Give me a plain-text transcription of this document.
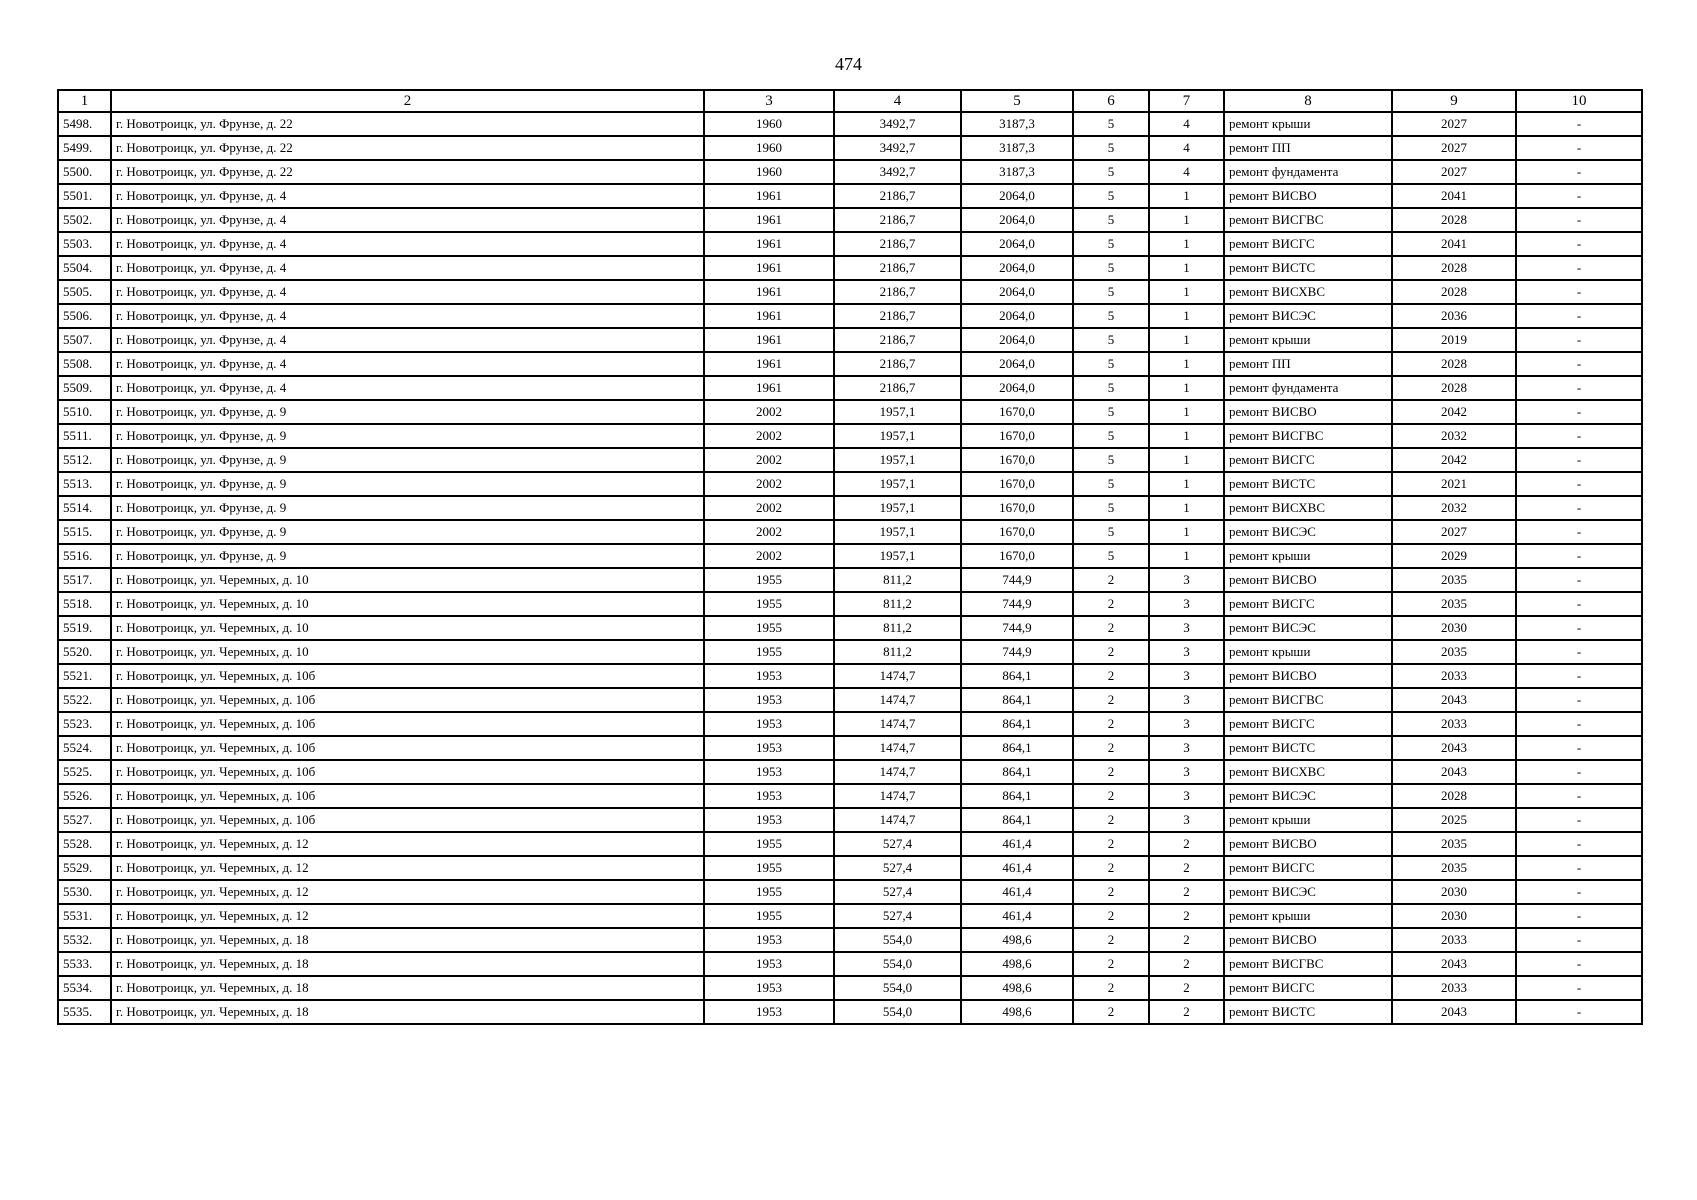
474
1	2	3	4	5	6	7	8	9	10
5498.	г. Новотроицк, ул. Фрунзе, д. 22	1960	3492,7	3187,3	5	4	ремонт крыши	2027	-
5499.	г. Новотроицк, ул. Фрунзе, д. 22	1960	3492,7	3187,3	5	4	ремонт ПП	2027	-
5500.	г. Новотроицк, ул. Фрунзе, д. 22	1960	3492,7	3187,3	5	4	ремонт фундамента	2027	-
5501.	г. Новотроицк, ул. Фрунзе, д. 4	1961	2186,7	2064,0	5	1	ремонт ВИСВО	2041	-
5502.	г. Новотроицк, ул. Фрунзе, д. 4	1961	2186,7	2064,0	5	1	ремонт ВИСГВС	2028	-
5503.	г. Новотроицк, ул. Фрунзе, д. 4	1961	2186,7	2064,0	5	1	ремонт ВИСГС	2041	-
5504.	г. Новотроицк, ул. Фрунзе, д. 4	1961	2186,7	2064,0	5	1	ремонт ВИСТС	2028	-
5505.	г. Новотроицк, ул. Фрунзе, д. 4	1961	2186,7	2064,0	5	1	ремонт ВИСХВС	2028	-
5506.	г. Новотроицк, ул. Фрунзе, д. 4	1961	2186,7	2064,0	5	1	ремонт ВИСЭС	2036	-
5507.	г. Новотроицк, ул. Фрунзе, д. 4	1961	2186,7	2064,0	5	1	ремонт крыши	2019	-
5508.	г. Новотроицк, ул. Фрунзе, д. 4	1961	2186,7	2064,0	5	1	ремонт ПП	2028	-
5509.	г. Новотроицк, ул. Фрунзе, д. 4	1961	2186,7	2064,0	5	1	ремонт фундамента	2028	-
5510.	г. Новотроицк, ул. Фрунзе, д. 9	2002	1957,1	1670,0	5	1	ремонт ВИСВО	2042	-
5511.	г. Новотроицк, ул. Фрунзе, д. 9	2002	1957,1	1670,0	5	1	ремонт ВИСГВС	2032	-
5512.	г. Новотроицк, ул. Фрунзе, д. 9	2002	1957,1	1670,0	5	1	ремонт ВИСГС	2042	-
5513.	г. Новотроицк, ул. Фрунзе, д. 9	2002	1957,1	1670,0	5	1	ремонт ВИСТС	2021	-
5514.	г. Новотроицк, ул. Фрунзе, д. 9	2002	1957,1	1670,0	5	1	ремонт ВИСХВС	2032	-
5515.	г. Новотроицк, ул. Фрунзе, д. 9	2002	1957,1	1670,0	5	1	ремонт ВИСЭС	2027	-
5516.	г. Новотроицк, ул. Фрунзе, д. 9	2002	1957,1	1670,0	5	1	ремонт крыши	2029	-
5517.	г. Новотроицк, ул. Черемных, д. 10	1955	811,2	744,9	2	3	ремонт ВИСВО	2035	-
5518.	г. Новотроицк, ул. Черемных, д. 10	1955	811,2	744,9	2	3	ремонт ВИСГС	2035	-
5519.	г. Новотроицк, ул. Черемных, д. 10	1955	811,2	744,9	2	3	ремонт ВИСЭС	2030	-
5520.	г. Новотроицк, ул. Черемных, д. 10	1955	811,2	744,9	2	3	ремонт крыши	2035	-
5521.	г. Новотроицк, ул. Черемных, д. 10б	1953	1474,7	864,1	2	3	ремонт ВИСВО	2033	-
5522.	г. Новотроицк, ул. Черемных, д. 10б	1953	1474,7	864,1	2	3	ремонт ВИСГВС	2043	-
5523.	г. Новотроицк, ул. Черемных, д. 10б	1953	1474,7	864,1	2	3	ремонт ВИСГС	2033	-
5524.	г. Новотроицк, ул. Черемных, д. 10б	1953	1474,7	864,1	2	3	ремонт ВИСТС	2043	-
5525.	г. Новотроицк, ул. Черемных, д. 10б	1953	1474,7	864,1	2	3	ремонт ВИСХВС	2043	-
5526.	г. Новотроицк, ул. Черемных, д. 10б	1953	1474,7	864,1	2	3	ремонт ВИСЭС	2028	-
5527.	г. Новотроицк, ул. Черемных, д. 10б	1953	1474,7	864,1	2	3	ремонт крыши	2025	-
5528.	г. Новотроицк, ул. Черемных, д. 12	1955	527,4	461,4	2	2	ремонт ВИСВО	2035	-
5529.	г. Новотроицк, ул. Черемных, д. 12	1955	527,4	461,4	2	2	ремонт ВИСГС	2035	-
5530.	г. Новотроицк, ул. Черемных, д. 12	1955	527,4	461,4	2	2	ремонт ВИСЭС	2030	-
5531.	г. Новотроицк, ул. Черемных, д. 12	1955	527,4	461,4	2	2	ремонт крыши	2030	-
5532.	г. Новотроицк, ул. Черемных, д. 18	1953	554,0	498,6	2	2	ремонт ВИСВО	2033	-
5533.	г. Новотроицк, ул. Черемных, д. 18	1953	554,0	498,6	2	2	ремонт ВИСГВС	2043	-
5534.	г. Новотроицк, ул. Черемных, д. 18	1953	554,0	498,6	2	2	ремонт ВИСГС	2033	-
5535.	г. Новотроицк, ул. Черемных, д. 18	1953	554,0	498,6	2	2	ремонт ВИСТС	2043	-
